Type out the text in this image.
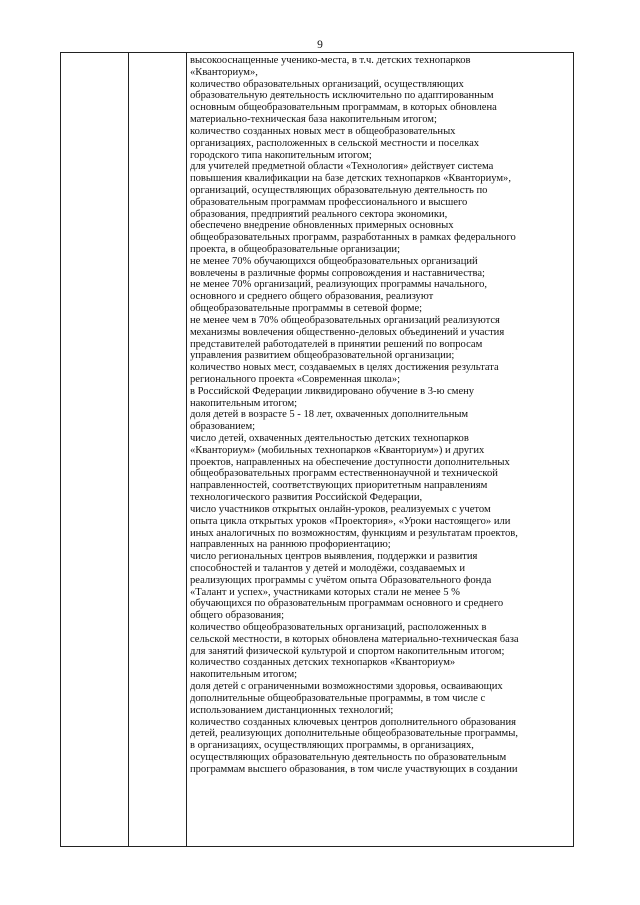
9
высокооснащенные ученико-места, в т.ч. детских технопарков
«Кванториум»,
количество образовательных организаций, осуществляющих
образовательную деятельность исключительно по адаптированным
основным общеобразовательным программам, в которых обновлена
материально-техническая база накопительным итогом;
количество созданных новых мест в общеобразовательных
организациях, расположенных в сельской местности и поселках
городского типа накопительным итогом;
для учителей предметной области «Технология» действует система
повышения квалификации на базе детских технопарков «Кванториум»,
организаций, осуществляющих образовательную деятельность по
образовательным программам профессионального и высшего
образования, предприятий реального сектора экономики,
обеспечено внедрение обновленных примерных основных
общеобразовательных программ, разработанных в рамках федерального
проекта, в общеобразовательные организации;
не менее 70% обучающихся общеобразовательных организаций
вовлечены в различные формы сопровождения и наставничества;
не менее 70% организаций, реализующих программы начального,
основного и среднего общего образования, реализуют
общеобразовательные программы в сетевой форме;
не менее чем в 70% общеобразовательных организаций реализуются
механизмы вовлечения общественно-деловых объединений и участия
представителей работодателей в принятии решений по вопросам
управления развитием общеобразовательной организации;
количество новых мест, создаваемых в целях достижения результата
регионального проекта «Современная школа»;
в Российской Федерации ликвидировано обучение в 3-ю смену
накопительным итогом;
доля детей в возрасте 5 - 18 лет, охваченных дополнительным
образованием;
число детей, охваченных деятельностью детских технопарков
«Кванториум» (мобильных технопарков «Кванториум») и других
проектов, направленных на обеспечение доступности дополнительных
общеобразовательных программ естественнонаучной и технической
направленностей, соответствующих приоритетным направлениям
технологического развития Российской Федерации,
число участников открытых онлайн-уроков, реализуемых с учетом
опыта цикла открытых уроков «Проектория», «Уроки настоящего» или
иных аналогичных по возможностям, функциям и результатам проектов,
направленных на раннюю профориентацию;
число региональных центров выявления, поддержки и развития
способностей и талантов у детей и молодёжи, создаваемых и
реализующих программы с учётом опыта Образовательного фонда
«Талант и успех», участниками которых стали не менее 5 %
обучающихся по образовательным программам основного и среднего
общего образования;
количество общеобразовательных организаций, расположенных в
сельской местности, в которых обновлена материально-техническая база
для занятий физической культурой и спортом накопительным итогом;
количество созданных детских технопарков «Кванториум»
накопительным итогом;
доля детей с ограниченными возможностями здоровья, осваивающих
дополнительные общеобразовательные программы, в том числе с
использованием дистанционных технологий;
количество созданных ключевых центров дополнительного образования
детей, реализующих дополнительные общеобразовательные программы,
в организациях, осуществляющих программы, в организациях,
осуществляющих образовательную деятельность по образовательным
программам высшего образования, в том числе участвующих в создании
